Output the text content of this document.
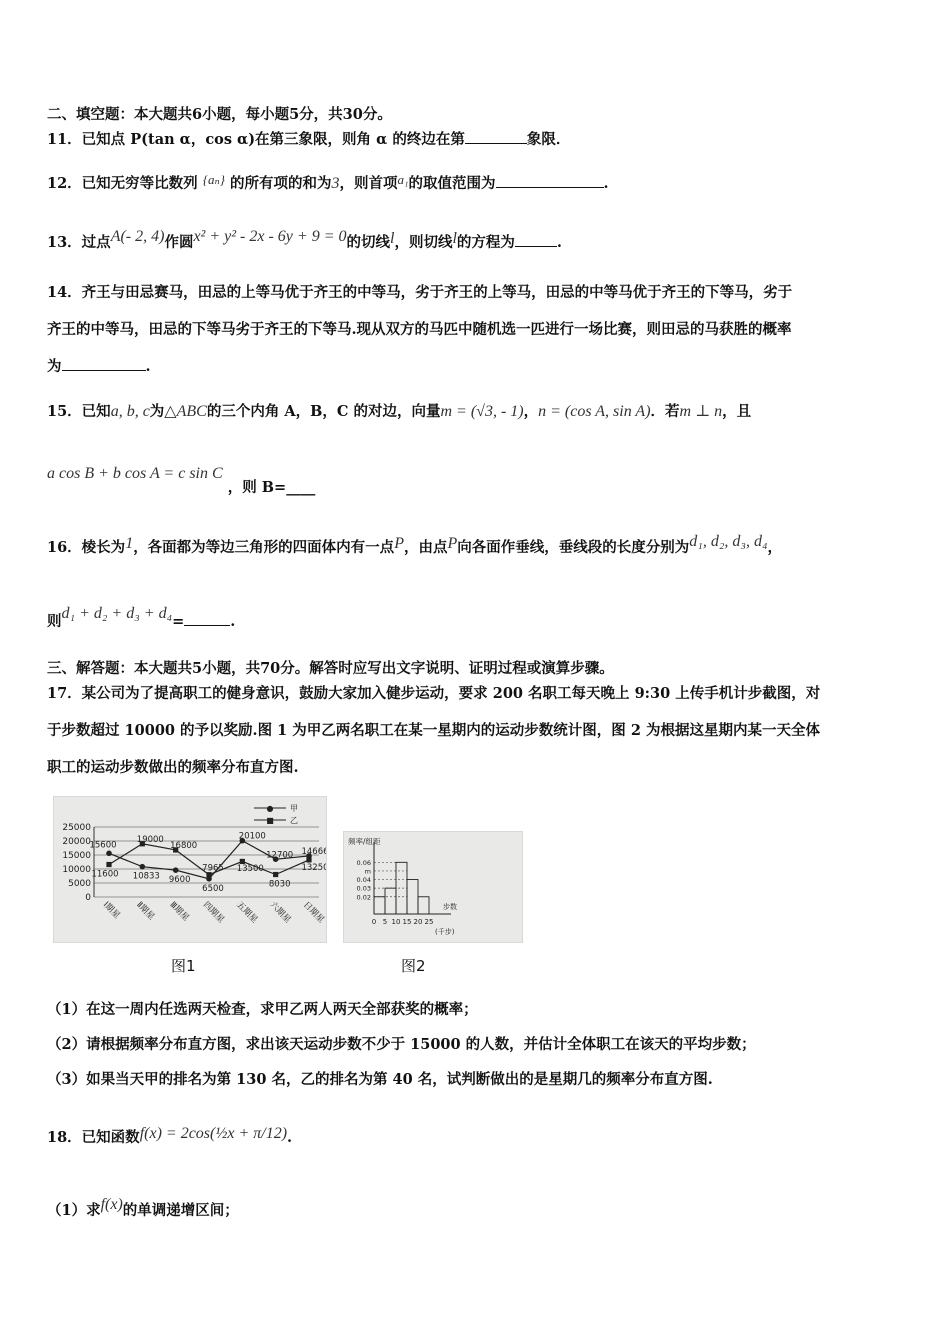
二、填空题：本大题共6小题，每小题5分，共30分。
11．已知点 P(tan α，cos α)在第三象限，则角 α 的终边在第	象限．
12．已知无穷等比数列 {aₙ} 的所有项的和为3，则首项a₁的取值范围为	.
13．过点A(- 2, 4)作圆x² + y² - 2x - 6y + 9 = 0的切线l，则切线l的方程为	.
14．齐王与田忌赛马，田忌的上等马优于齐王的中等马，劣于齐王的上等马，田忌的中等马优于齐王的下等马，劣于
齐王的中等马，田忌的下等马劣于齐王的下等马.现从双方的马匹中随机选一匹进行一场比赛，则田忌的马获胜的概率
为	.
15．已知a, b, c为△ABC的三个内角 A，B，C 的对边，向量m = (√3, - 1)，n = (cos A, sin A)．若m ⊥ n，且
a cos B + b cos A = c sin C ，则 B=____
16．棱长为1，各面都为等边三角形的四面体内有一点P，由点P向各面作垂线，垂线段的长度分别为d₁, d₂, d₃, d₄，
则d₁ + d₂ + d₃ + d₄=	.
三、解答题：本大题共5小题，共70分。解答时应写出文字说明、证明过程或演算步骤。
17．某公司为了提高职工的健身意识，鼓励大家加入健步运动，要求 200 名职工每天晚上 9:30 上传手机计步截图，对
于步数超过 10000 的予以奖励.图 1 为甲乙两名职工在某一星期内的运动步数统计图，图 2 为根据这星期内某一天全体
职工的运动步数做出的频率分布直方图.
25000
20000
15000
10000
5000
0
● 甲
■ 乙
15600
19000
16800
7965
20100
12700 14666
11600 10833 9600
6500
13500
8030
13250
Ⅰ期星 Ⅱ期星 Ⅲ期星 四期星 五期星 六期星 日期星
频率/组距
0.06
m
0.04
0.03
0.02
0 5 10 15 20 25
步数
(千步)
图1	图2
（1）在这一周内任选两天检查，求甲乙两人两天全部获奖的概率；
（2）请根据频率分布直方图，求出该天运动步数不少于 15000 的人数，并估计全体职工在该天的平均步数；
（3）如果当天甲的排名为第 130 名，乙的排名为第 40 名，试判断做出的是星期几的频率分布直方图.
18．已知函数f(x) = 2cos(½x + π/12).
（1）求f(x)的单调递增区间；
